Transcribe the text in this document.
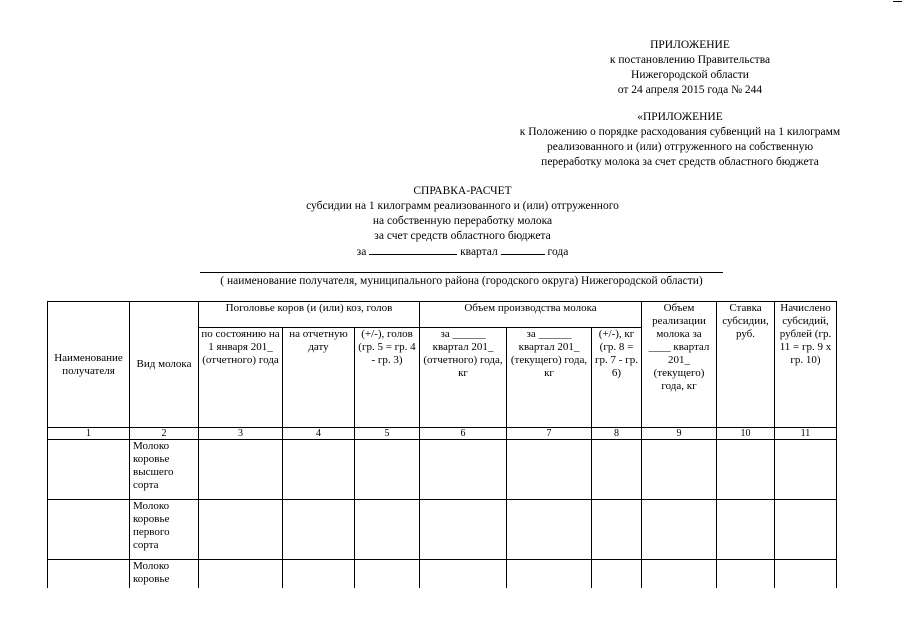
ПРИЛОЖЕНИЕ
к постановлению Правительства
Нижегородской области
от 24 апреля 2015 года № 244
«ПРИЛОЖЕНИЕ
к Положению о порядке расходования субвенций на 1 килограмм
реализованного и (или) отгруженного на собственную
переработку молока за счет средств областного бюджета
СПРАВКА-РАСЧЕТ
субсидии на 1 килограмм реализованного и (или) отгруженного
на собственную переработку молока
за счет средств областного бюджета
за	квартал	года
( наименование получателя, муниципального района (городского округа) Нижегородской области)
Наименование получателя	Вид молока	Поголовье коров (и (или) коз, голов			Объем производства молока			Объем реализации молока за ____ квартал 201_ (текущего) года, кг	Ставка субсидии, руб.	Начислено субсидий, рублей (гр. 11 = гр. 9 х гр. 10)
		по состоянию на 1 января 201_ (отчетного) года	на отчетную дату	(+/-), голов (гр. 5 = гр. 4 - гр. 3)	за ______ квартал 201_ (отчетного) года, кг	за ______ квартал 201_ (текущего) года, кг	(+/-), кг (гр. 8 = гр. 7 - гр. 6)			
1	2	3	4	5	6	7	8	9	10	11
	Молоко коровье высшего сорта									
	Молоко коровье первого сорта									
	Молоко коровье									
